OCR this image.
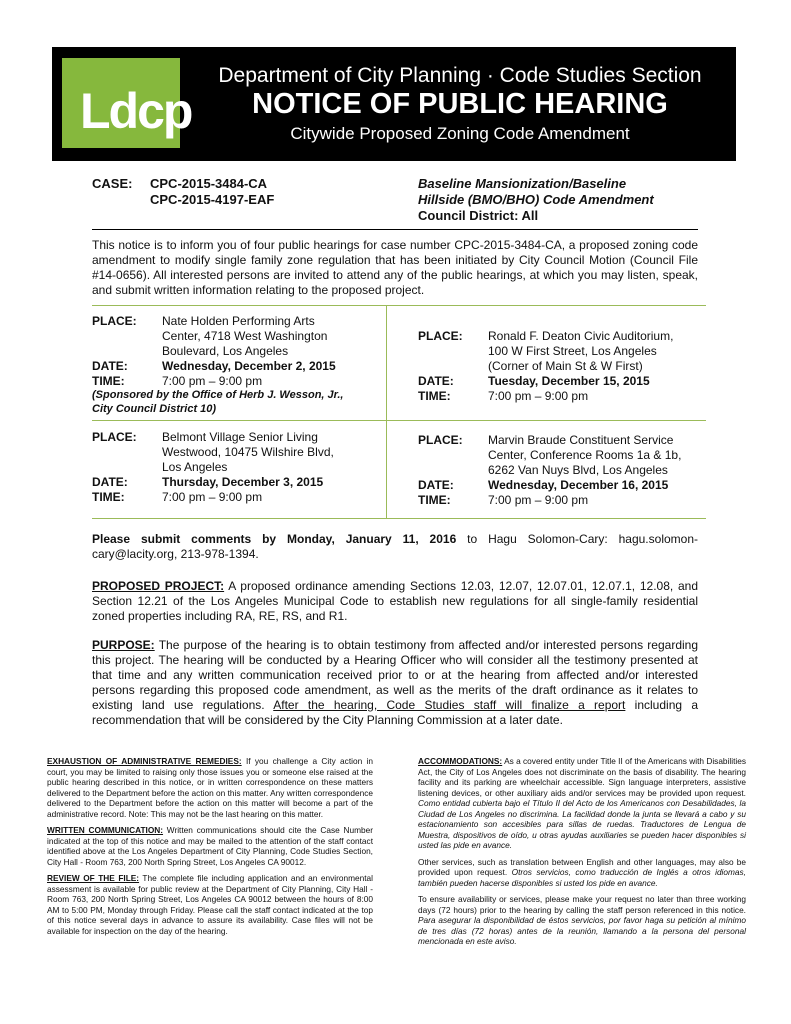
Ldcp
Department of City Planning · Code Studies Section
NOTICE OF PUBLIC HEARING
Citywide Proposed Zoning Code Amendment
CASE: CPC-2015-3484-CA
CPC-2015-4197-EAF
Baseline Mansionization/Baseline
Hillside (BMO/BHO) Code Amendment
Council District: All
This notice is to inform you of four public hearings for case number CPC-2015-3484-CA, a proposed zoning code amendment to modify single family zone regulation that has been initiated by City Council Motion (Council File #14-0656). All interested persons are invited to attend any of the public hearings, at which you may listen, speak, and submit written information relating to the proposed project.
PLACE: Nate Holden Performing Arts
Center, 4718 West Washington
Boulevard, Los Angeles
DATE:	Wednesday, December 2, 2015
TIME:	7:00 pm – 9:00 pm
(Sponsored by the Office of Herb J. Wesson, Jr.,
City Council District 10)
PLACE: Ronald F. Deaton Civic Auditorium,
100 W First Street, Los Angeles
(Corner of Main St & W First)
DATE:	Tuesday, December 15, 2015
TIME:	7:00 pm – 9:00 pm
PLACE: Belmont Village Senior Living
Westwood, 10475 Wilshire Blvd,
Los Angeles
DATE:	Thursday, December 3, 2015
TIME:	7:00 pm – 9:00 pm
PLACE: Marvin Braude Constituent Service
Center, Conference Rooms 1a & 1b,
6262 Van Nuys Blvd, Los Angeles
DATE:	Wednesday, December 16, 2015
TIME:	7:00 pm – 9:00 pm
Please submit comments by Monday, January 11, 2016 to Hagu Solomon-Cary: hagu.solomon-cary@lacity.org, 213-978-1394.
PROPOSED PROJECT: A proposed ordinance amending Sections 12.03, 12.07, 12.07.01, 12.07.1, 12.08, and Section 12.21 of the Los Angeles Municipal Code to establish new regulations for all single-family residential zoned properties including RA, RE, RS, and R1.
PURPOSE: The purpose of the hearing is to obtain testimony from affected and/or interested persons regarding this project. The hearing will be conducted by a Hearing Officer who will consider all the testimony presented at that time and any written communication received prior to or at the hearing from affected and/or interested persons regarding this proposed code amendment, as well as the merits of the draft ordinance as it relates to existing land use regulations. After the hearing, Code Studies staff will finalize a report including a recommendation that will be considered by the City Planning Commission at a later date.

EXHAUSTION OF ADMINISTRATIVE REMEDIES: If you challenge a City action in court, you may be limited to raising only those issues you or someone else raised at the public hearing described in this notice, or in written correspondence on these matters delivered to the Department before the action on this matter. Any written correspondence delivered to the Department before the action on this matter will become a part of the administrative record. Note: This may not be the last hearing on this matter.

WRITTEN COMMUNICATION: Written communications should cite the Case Number indicated at the top of this notice and may be mailed to the attention of the staff contact identified above at the Los Angeles Department of City Planning, Code Studies Section, City Hall - Room 763, 200 North Spring Street, Los Angeles CA 90012.

REVIEW OF THE FILE: The complete file including application and an environmental assessment is available for public review at the Department of City Planning, City Hall - Room 763, 200 North Spring Street, Los Angeles CA 90012 between the hours of 8:00 AM to 5:00 PM, Monday through Friday. Please call the staff contact indicated at the top of this notice several days in advance to assure its availability. Case files will not be available for inspection on the day of the hearing.

ACCOMMODATIONS: As a covered entity under Title II of the Americans with Disabilities Act, the City of Los Angeles does not discriminate on the basis of disability. The hearing facility and its parking are wheelchair accessible. Sign language interpreters, assistive listening devices, or other auxiliary aids and/or services may be provided upon request. Como entidad cubierta bajo el Título II del Acto de los Americanos con Desabilidades, la Ciudad de Los Angeles no discrimina. La facilidad donde la junta se llevará a cabo y su estacionamiento son accesibles para sillas de ruedas. Traductores de Lengua de Muestra, dispositivos de oído, u otras ayudas auxiliaries se pueden hacer disponibles si usted las pide en avance.

Other services, such as translation between English and other languages, may also be provided upon request. Otros servicios, como traducción de Inglés a otros idiomas, también pueden hacerse disponibles si usted los pide en avance.

To ensure availability or services, please make your request no later than three working days (72 hours) prior to the hearing by calling the staff person referenced in this notice. Para asegurar la disponibilidad de éstos servicios, por favor haga su petición al mínimo de tres días (72 horas) antes de la reunión, llamando a la persona del personal mencionada en este aviso.
